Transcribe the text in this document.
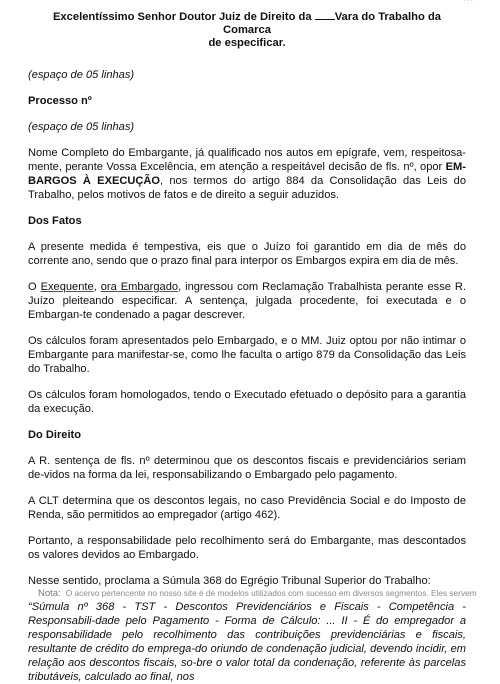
Excelentíssimo Senhor Doutor Juiz de Direito da Vara do Trabalho da Comarca
de especificar.
(espaço de 05 linhas)
Processo nº
(espaço de 05 linhas)

Nome Completo do Embargante, já qualificado nos autos em epígrafe, vem, respeitosa-mente, perante Vossa Excelência, em atenção a respeitável decisão de fls. nº, opor EM-BARGOS À EXECUÇÃO, nos termos do artigo 884 da Consolidação das Leis do Trabalho, pelos motivos de fatos e de direito a seguir aduzidos.

Dos Fatos

A presente medida é tempestiva, eis que o Juízo foi garantido em dia de mês do corrente ano, sendo que o prazo final para interpor os Embargos expira em dia de mês.

O Exequente, ora Embargado, ingressou com Reclamação Trabalhista perante esse R. Juízo pleiteando especificar. A sentença, julgada procedente, foi executada e o Embargan-te condenado a pagar descrever.

Os cálculos foram apresentados pelo Embargado, e o MM. Juiz optou por não intimar o Embargante para manifestar-se, como lhe faculta o artigo 879 da Consolidação das Leis do Trabalho.

Os cálculos foram homologados, tendo o Executado efetuado o depósito para a garantia da execução.

Do Direito

A R. sentença de fls. nº determinou que os descontos fiscais e previdenciários seriam de-vidos na forma da lei, responsabilizando o Embargado pelo pagamento.

A CLT determina que os descontos legais, no caso Previdência Social e do Imposto de Renda, são permitidos ao empregador (artigo 462).

Portanto, a responsabilidade pelo recolhimento será do Embargante, mas descontados os valores devidos ao Embargado.

Nesse sentido, proclama a Súmula 368 do Egrégio Tribunal Superior do Trabalho:

“Súmula nº 368 - TST - Descontos Previdenciários e Fiscais - Competência - Responsabili-dade pelo Pagamento - Forma de Cálculo: ... II - É do empregador a responsabilidade pelo recolhimento das contribuições previdenciárias e fiscais, resultante de crédito do emprega-do oriundo de condenação judicial, devendo incidir, em relação aos descontos fiscais, so-bre o valor total da condenação, referente às parcelas tributáveis, calculado ao final, nos
Nota: O acervo pertencente no nosso site é de modelos utilizados com sucesso em diversos segmentos. Eles servem
